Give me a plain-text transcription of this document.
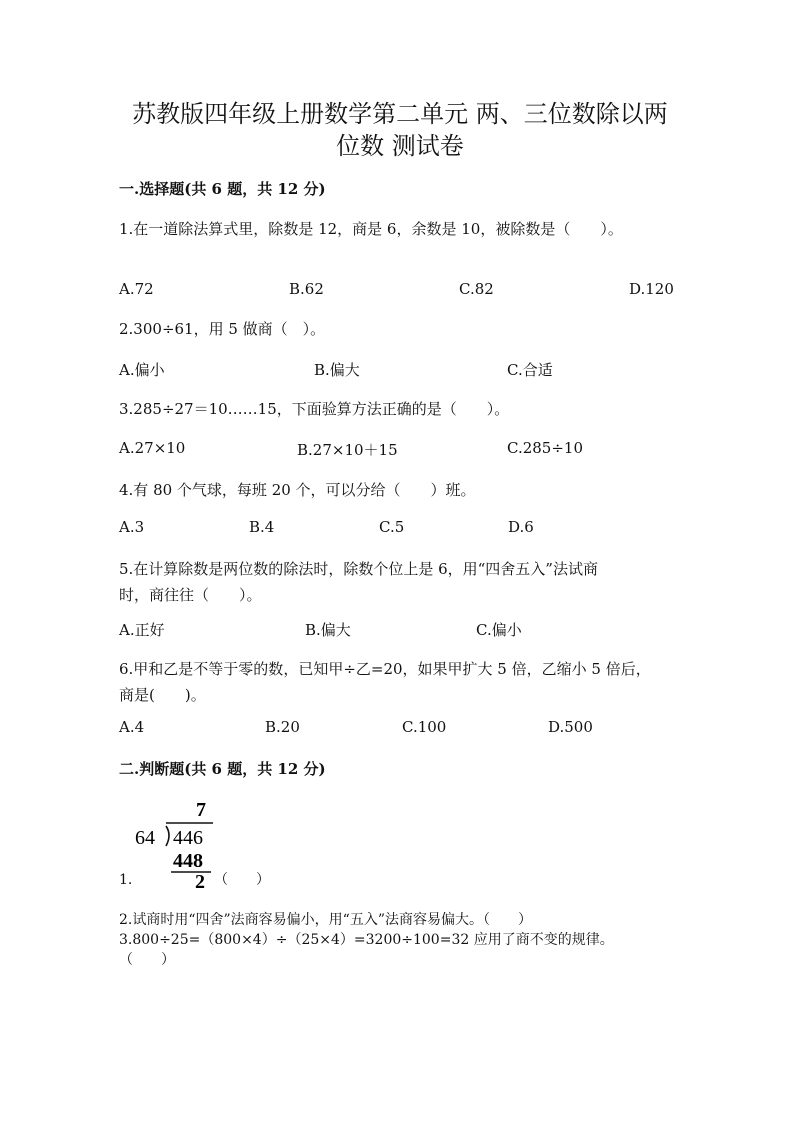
苏教版四年级上册数学第二单元 两、三位数除以两
位数 测试卷
一.选择题(共 6 题，共 12 分)
1.在一道除法算式里，除数是 12，商是 6，余数是 10，被除数是（　　）。
A.72	B.62	C.82	D.120
2.300÷61，用 5 做商（　）。
A.偏小	B.偏大	C.合适
3.285÷27＝10……15，下面验算方法正确的是（　　）。
A.27×10	B.27×10＋15	C.285÷10
4.有 80 个气球，每班 20 个，可以分给（　　）班。
A.3	B.4	C.5	D.6
5.在计算除数是两位数的除法时，除数个位上是 6，用“四舍五入”法试商
时，商往往（　　）。
A.正好	B.偏大	C.偏小
6.甲和乙是不等于零的数，已知甲÷乙=20，如果甲扩大 5 倍，乙缩小 5 倍后，
商是(　　)。
A.4	B.20	C.100	D.500
二.判断题(共 6 题，共 12 分)
7
64 446
448
2
1.	（　　）
2.试商时用“四舍”法商容易偏小，用“五入”法商容易偏大。（　　）
3.800÷25=（800×4）÷（25×4）=3200÷100=32 应用了商不变的规律。
（　　）
